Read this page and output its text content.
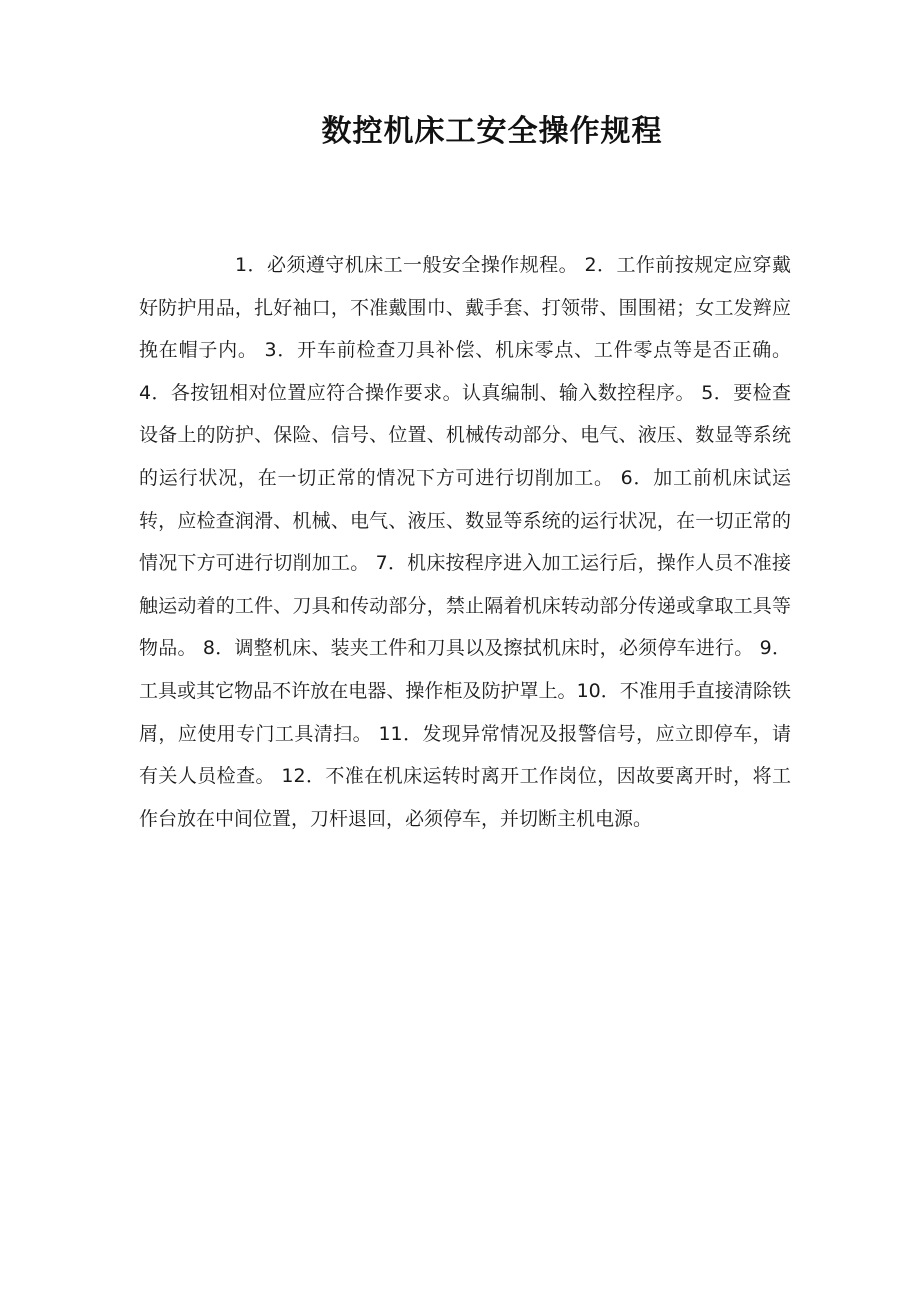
数控机床工安全操作规程

1．必须遵守机床工一般安全操作规程。 2．工作前按规定应穿戴好防护用品，扎好袖口，不准戴围巾、戴手套、打领带、围围裙；女工发辫应挽在帽子内。 3．开车前检查刀具补偿、机床零点、工件零点等是否正确。 4．各按钮相对位置应符合操作要求。认真编制、输入数控程序。 5．要检查设备上的防护、保险、信号、位置、机械传动部分、电气、液压、数显等系统的运行状况，在一切正常的情况下方可进行切削加工。 6．加工前机床试运转，应检查润滑、机械、电气、液压、数显等系统的运行状况，在一切正常的情况下方可进行切削加工。 7．机床按程序进入加工运行后，操作人员不准接触运动着的工件、刀具和传动部分，禁止隔着机床转动部分传递或拿取工具等物品。 8．调整机床、装夹工件和刀具以及擦拭机床时，必须停车进行。 9．工具或其它物品不许放在电器、操作柜及防护罩上。10．不准用手直接清除铁屑，应使用专门工具清扫。 11．发现异常情况及报警信号，应立即停车，请有关人员检查。 12．不准在机床运转时离开工作岗位，因故要离开时，将工作台放在中间位置，刀杆退回，必须停车，并切断主机电源。
